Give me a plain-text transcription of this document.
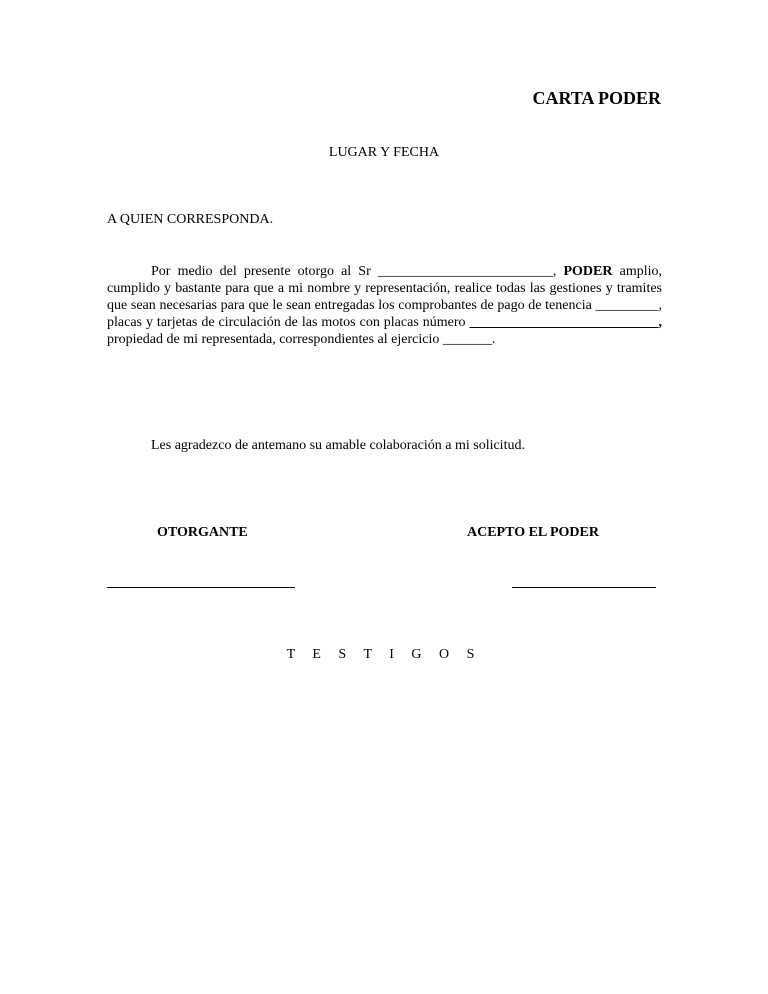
CARTA PODER
LUGAR Y FECHA
A QUIEN CORRESPONDA.

Por medio del presente otorgo al Sr _________________________, PODER amplio, cumplido y bastante para que a mi nombre y representación, realice todas las gestiones y tramites que sean necesarias para que le sean entregadas los comprobantes de pago de tenencia _________, placas y tarjetas de circulación de las motos con placas número ___________________________, propiedad de mi representada, correspondientes al ejercicio _______.

Les agradezco de antemano su amable colaboración a mi solicitud.
OTORGANTE	ACEPTO EL PODER
T E S T I G O S
